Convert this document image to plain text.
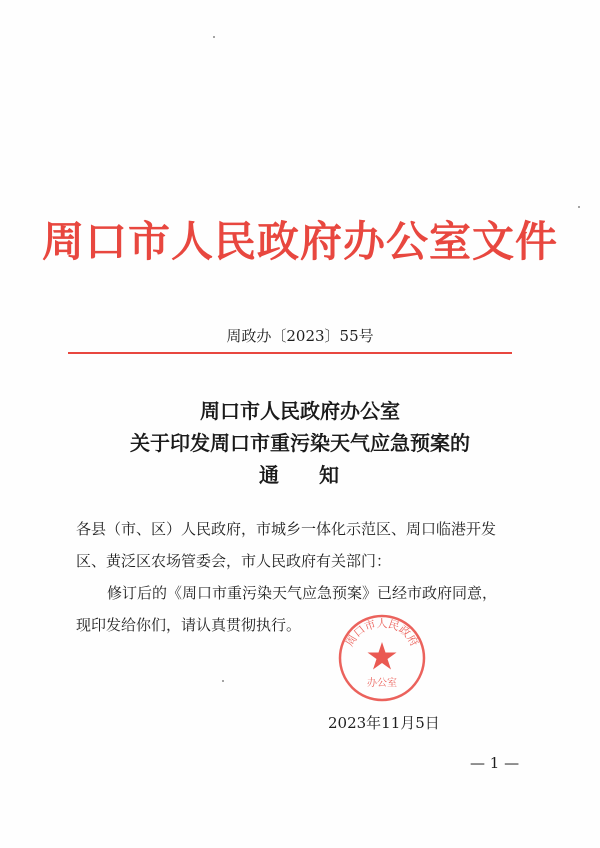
周口市人民政府办公室文件
周政办〔2023〕55号
周口市人民政府办公室
关于印发周口市重污染天气应急预案的
通 知
各县（市、区）人民政府，市城乡一体化示范区、周口临港开发
区、黄泛区农场管委会，市人民政府有关部门：
修订后的《周口市重污染天气应急预案》已经市政府同意，
现印发给你们，请认真贯彻执行。
周口市人民政府
办公室
2023年11月5日
— 1 —
